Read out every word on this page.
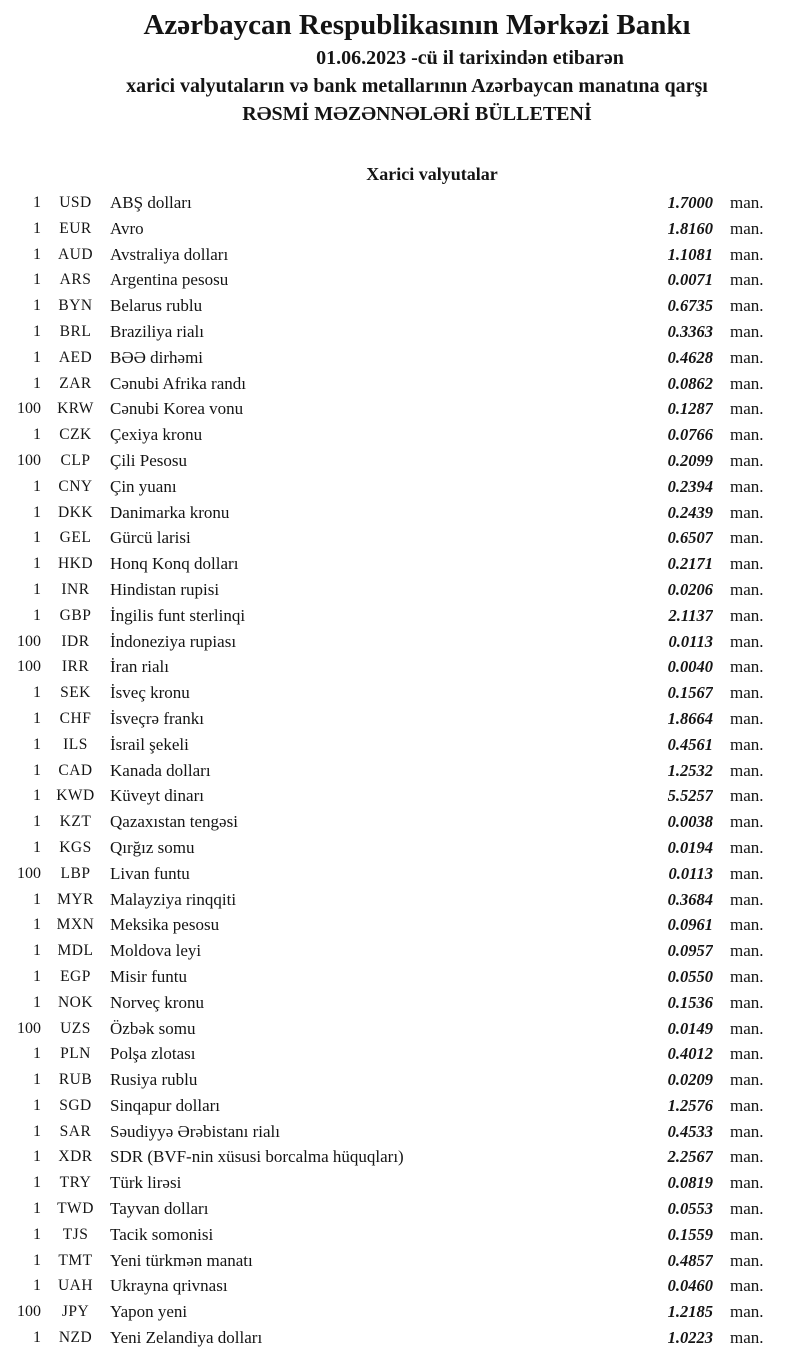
Azərbaycan Respublikasının Mərkəzi Bankı
01.06.2023 -cü il tarixindən etibarən
xarici valyutaların və bank metallarının Azərbaycan manatına qarşı
RƏSMİ MƏZƏNNƏLƏRİ BÜLLETENİ
Xarici valyutalar
1	USD	ABŞ dolları	1.7000	man.
1	EUR	Avro	1.8160	man.
1	AUD Avstraliya dolları	1.1081	man.
1	ARS	Argentina pesosu	0.0071	man.
1	BYN	Belarus rublu	0.6735	man.
1	BRL	Braziliya rialı	0.3363	man.
1	AED	BƏƏ dirhəmi	0.4628	man.
1	ZAR	Cənubi Afrika randı	0.0862	man.
100	KRW Cənubi Korea vonu	0.1287	man.
1	CZK	Çexiya kronu	0.0766	man.
100	CLP	Çili Pesosu	0.2099	man.
1	CNY	Çin yuanı	0.2394	man.
1	DKK Danimarka kronu	0.2439	man.
1	GEL	Gürcü larisi	0.6507	man.
1	HKD Honq Konq dolları	0.2171	man.
1	INR	Hindistan rupisi	0.0206	man.
1	GBP	İngilis funt sterlinqi	2.1137	man.
100	IDR	İndoneziya rupiası	0.0113	man.
100	IRR	İran rialı	0.0040	man.
1	SEK	İsveç kronu	0.1567	man.
1	CHF	İsveçrə frankı	1.8664	man.
1	ILS	İsrail şekeli	0.4561	man.
1	CAD	Kanada dolları	1.2532	man.
1 KWD Küveyt dinarı	5.5257	man.
1	KZT	Qazaxıstan tengəsi	0.0038	man.
1	KGS	Qırğız somu	0.0194	man.
100	LBP	Livan funtu	0.0113	man.
1	MYR Malayziya rinqqiti	0.3684	man.
1	MXN Meksika pesosu	0.0961	man.
1	MDL Moldova leyi	0.0957	man.
1	EGP	Misir funtu	0.0550	man.
1	NOK Norveç kronu	0.1536	man.
100	UZS	Özbək somu	0.0149	man.
1	PLN	Polşa zlotası	0.4012	man.
1	RUB	Rusiya rublu	0.0209	man.
1	SGD	Sinqapur dolları	1.2576	man.
1	SAR	Səudiyyə Ərəbistanı rialı	0.4533	man.
1	XDR	SDR (BVF-nin xüsusi borcalma hüquqları)	2.2567	man.
1	TRY	Türk lirəsi	0.0819	man.
1	TWD Tayvan dolları	0.0553	man.
1	TJS	Tacik somonisi	0.1559	man.
1	TMT	Yeni türkmən manatı	0.4857	man.
1	UAH Ukrayna qrivnası	0.0460	man.
100	JPY	Yapon yeni	1.2185	man.
1	NZD	Yeni Zelandiya dolları	1.0223	man.
